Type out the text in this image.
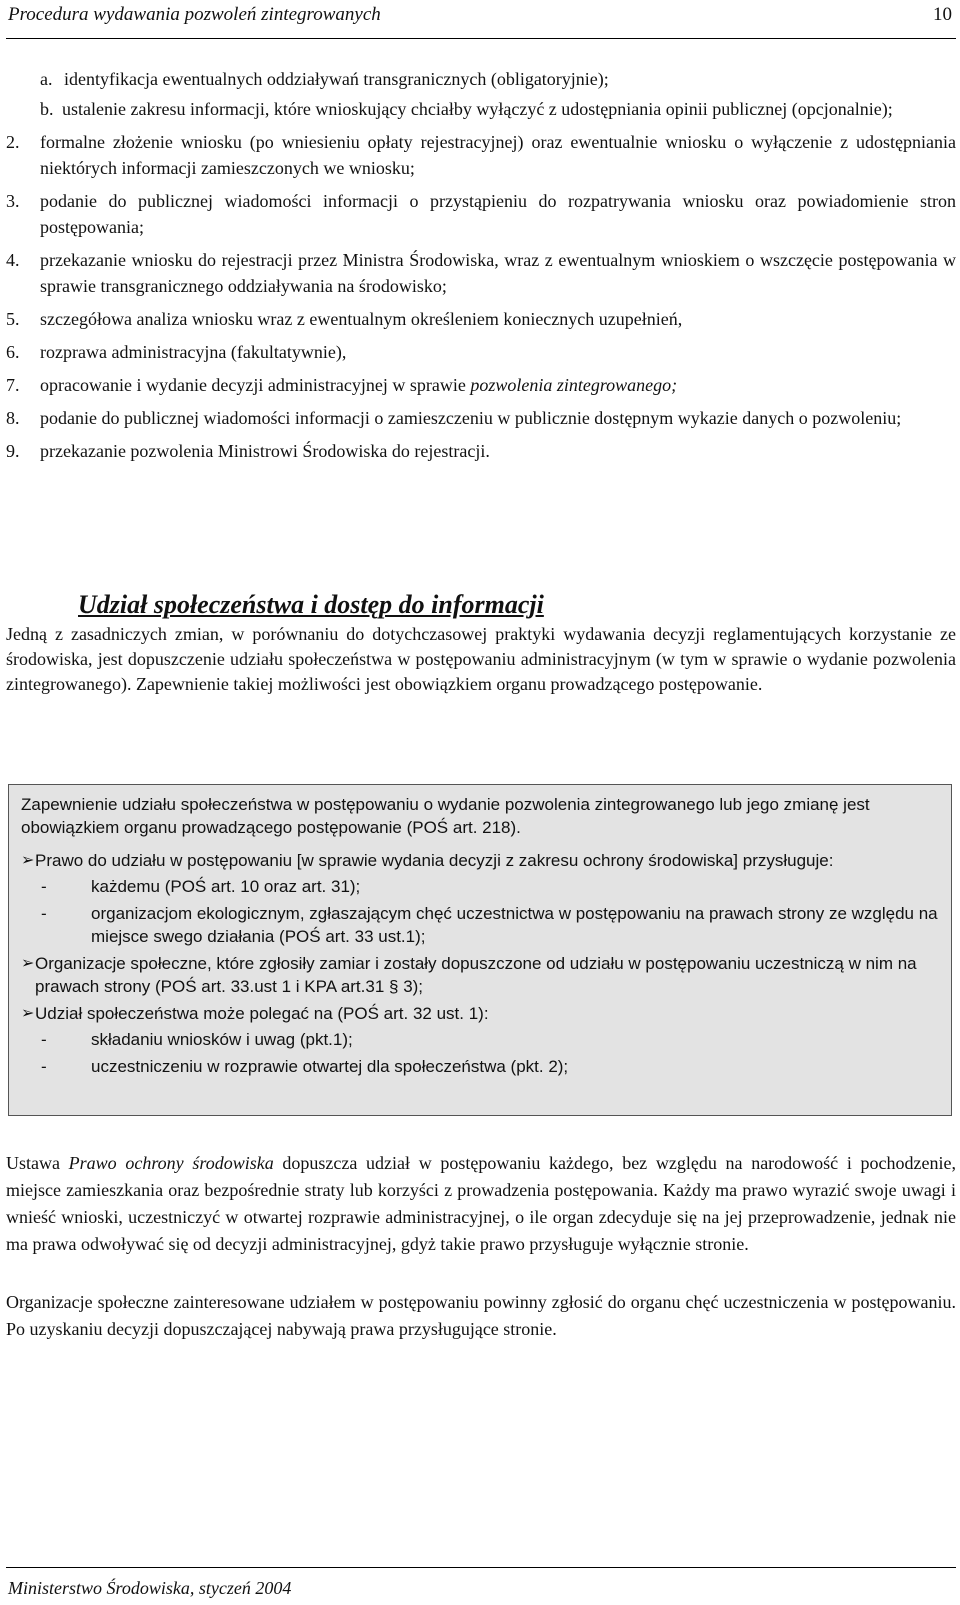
Procedura wydawania pozwoleń zintegrowanych	10
a. identyfikacja ewentualnych oddziaływań transgranicznych (obligatoryjnie);
b. ustalenie zakresu informacji, które wnioskujący chciałby wyłączyć z udostępniania opinii publicznej (opcjonalnie);
2. formalne złożenie wniosku (po wniesieniu opłaty rejestracyjnej) oraz ewentualnie wniosku o wyłączenie z udostępniania niektórych informacji zamieszczonych we wniosku;
3. podanie do publicznej wiadomości informacji o przystąpieniu do rozpatrywania wniosku oraz powiadomienie stron postępowania;
4. przekazanie wniosku do rejestracji przez Ministra Środowiska, wraz z ewentualnym wnioskiem o wszczęcie postępowania w sprawie transgranicznego oddziaływania na środowisko;
5. szczegółowa analiza wniosku wraz z ewentualnym określeniem koniecznych uzupełnień,
6. rozprawa administracyjna (fakultatywnie),
7. opracowanie i wydanie decyzji administracyjnej w sprawie pozwolenia zintegrowanego;
8. podanie do publicznej wiadomości informacji o zamieszczeniu w publicznie dostępnym wykazie danych o pozwoleniu;
9. przekazanie pozwolenia Ministrowi Środowiska do rejestracji.
Udział społeczeństwa i dostęp do informacji
Jedną z zasadniczych zmian, w porównaniu do dotychczasowej praktyki wydawania decyzji reglamentujących korzystanie ze środowiska, jest dopuszczenie udziału społeczeństwa w postępowaniu administracyjnym (w tym w sprawie o wydanie pozwolenia zintegrowanego). Zapewnienie takiej możliwości jest obowiązkiem organu prowadzącego postępowanie.

Zapewnienie udziału społeczeństwa w postępowaniu o wydanie pozwolenia zintegrowanego lub jego zmianę jest obowiązkiem organu prowadzącego postępowanie (POŚ art. 218).

➢ Prawo do udziału w postępowaniu [w sprawie wydania decyzji z zakresu ochrony środowiska] przysługuje:

-	każdemu (POŚ art. 10 oraz art. 31);

-	organizacjom ekologicznym, zgłaszającym chęć uczestnictwa w postępowaniu na prawach strony ze względu na miejsce swego działania (POŚ art. 33 ust.1);

➢ Organizacje społeczne, które zgłosiły zamiar i zostały dopuszczone od udziału w postępowaniu uczestniczą w nim na prawach strony (POŚ art. 33.ust 1 i KPA art.31 § 3);

➢ Udział społeczeństwa może polegać na (POŚ art. 32 ust. 1):

-	składaniu wniosków i uwag (pkt.1);

-	uczestniczeniu w rozprawie otwartej dla społeczeństwa (pkt. 2);

Ustawa Prawo ochrony środowiska dopuszcza udział w postępowaniu każdego, bez względu na narodowość i pochodzenie, miejsce zamieszkania oraz bezpośrednie straty lub korzyści z prowadzenia postępowania. Każdy ma prawo wyrazić swoje uwagi i wnieść wnioski, uczestniczyć w otwartej rozprawie administracyjnej, o ile organ zdecyduje się na jej przeprowadzenie, jednak nie ma prawa odwoływać się od decyzji administracyjnej, gdyż takie prawo przysługuje wyłącznie stronie.
Organizacje społeczne zainteresowane udziałem w postępowaniu powinny zgłosić do organu chęć uczestniczenia w postępowaniu. Po uzyskaniu decyzji dopuszczającej nabywają prawa przysługujące stronie.
Ministerstwo Środowiska, styczeń 2004
